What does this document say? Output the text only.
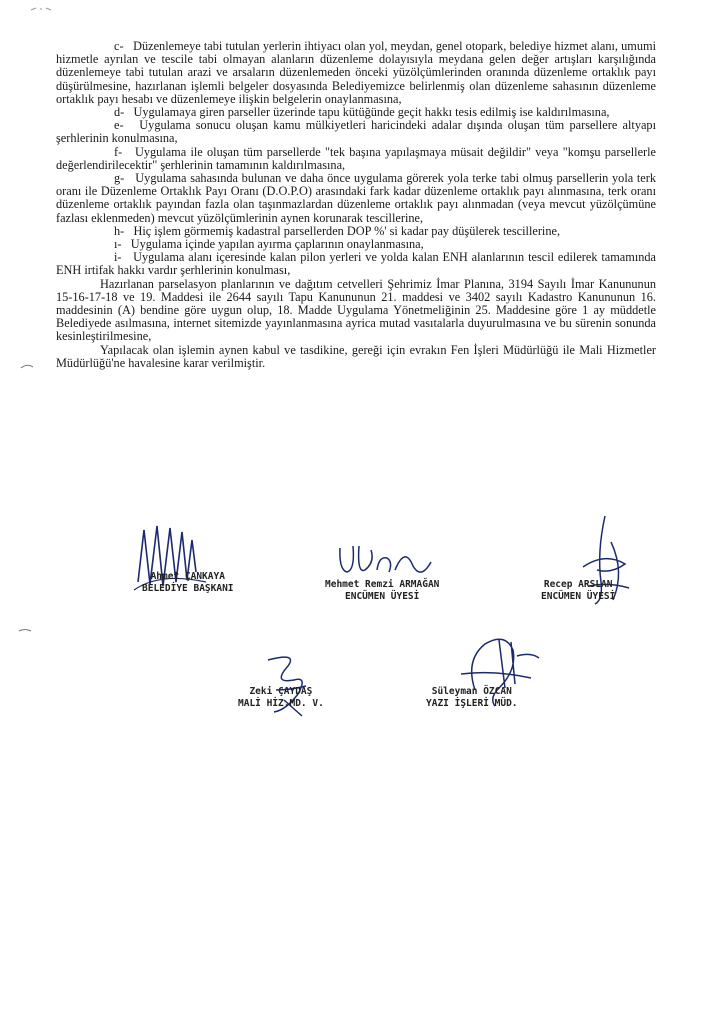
c-   Düzenlemeye tabi tutulan yerlerin ihtiyacı olan yol, meydan, genel otopark, belediye hizmet alanı, umumi hizmetle ayrılan ve tescile tabi olmayan alanların düzenleme dolayısıyla meydana gelen değer artışları karşılığında düzenlemeye tabi tutulan arazi ve arsaların düzenlemeden önceki yüzölçümlerinden oranında düzenleme ortaklık payı düşürülmesine, hazırlanan işlemli belgeler dosyasında Belediyemizce belirlenmiş olan düzenleme sahasının düzenleme ortaklık payı hesabı ve düzenlemeye ilişkin belgelerin onaylanmasına,

d-   Uygulamaya giren parseller üzerinde tapu kütüğünde geçit hakkı tesis edilmiş ise kaldırılmasına,

e-   Uygulama sonucu oluşan kamu mülkiyetleri haricindeki adalar dışında oluşan tüm parsellere altyapı şerhlerinin konulmasına,

f-   Uygulama ile oluşan tüm parsellerde "tek başına yapılaşmaya müsait değildir" veya "komşu parsellerle değerlendirilecektir" şerhlerinin tamamının kaldırılmasına,

g-   Uygulama sahasında bulunan ve daha önce uygulama görerek yola terke tabi olmuş parsellerin yola terk oranı ile Düzenleme Ortaklık Payı Oranı (D.O.P.O) arasındaki fark kadar düzenleme ortaklık payı alınmasına, terk oranı düzenleme ortaklık payından fazla olan taşınmazlardan düzenleme ortaklık payı alınmadan (veya mevcut yüzölçümüne fazlası eklenmeden) mevcut yüzölçümlerinin aynen korunarak tescillerine,

h-   Hiç işlem görmemiş kadastral parsellerden DOP %' si kadar pay düşülerek tescillerine,

ı-   Uygulama içinde yapılan ayırma çaplarının onaylanmasına,

i-   Uygulama alanı içeresinde kalan pilon yerleri ve yolda kalan ENH alanlarının tescil edilerek tamamında ENH irtifak hakkı vardır şerhlerinin konulması,

Hazırlanan parselasyon planlarının ve dağıtım cetvelleri Şehrimiz İmar Planına, 3194 Sayılı İmar Kanununun 15-16-17-18 ve 19. Maddesi ile 2644 sayılı Tapu Kanununun 21. maddesi ve 3402 sayılı Kadastro Kanununun 16. maddesinin (A) bendine göre uygun olup, 18. Madde Uygulama Yönetmeliğinin 25. Maddesine göre 1 ay müddetle Belediyede asılmasına, internet sitemizde yayınlanmasına ayrica mutad vasıtalarla duyurulmasına ve bu sürenin sonunda kesinleştirilmesine,

Yapılacak olan işlemin aynen kabul ve tasdikine, gereği için evrakın Fen İşleri Müdürlüğü ile Mali Hizmetler Müdürlüğü'ne havalesine karar verilmiştir.

Ahmet ÇANKAYA
BELEDİYE BAŞKANI	Mehmet Remzi ARMAĞAN
ENCÜMEN ÜYESİ
Recep ARSLAN
ENCÜMEN ÜYESİ
Zeki ÇAYDAŞ
MALİ HİZ.MD. V.
Süleyman ÖZCAN
YAZI İŞLERİ MÜD.
